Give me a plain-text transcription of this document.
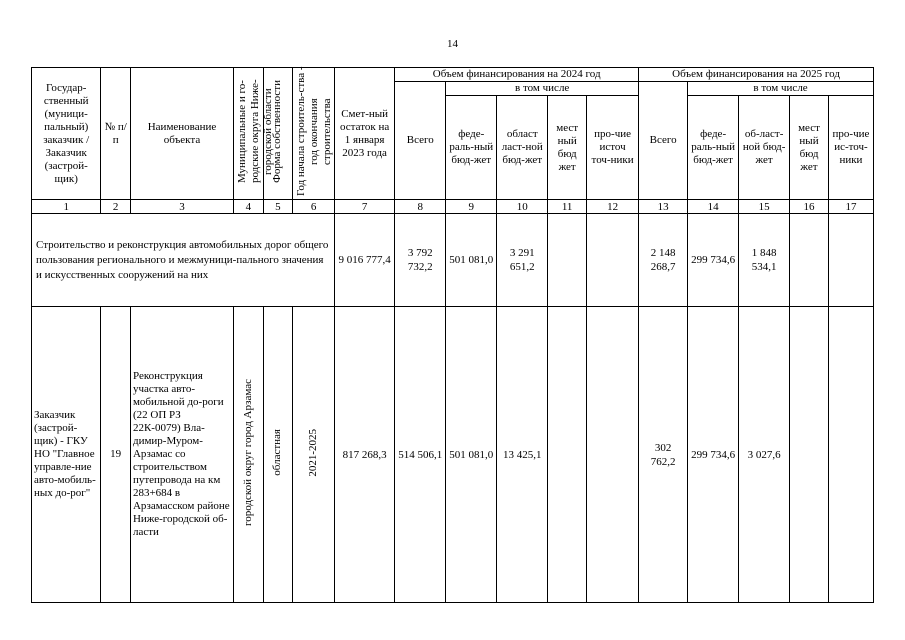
14
Государ-ственный (муници-пальный) заказчик / Заказчик (застрой-щик)	№ п/ п	Наименование объекта	Муниципальные и го-родские округа Ниже-городской области	Форма собственности	Год начала строитель-ства - год окончания строительства	Смет-ный остаток на 1 января 2023 года	Объем финансирования на 2024 год					Объем финансирования на 2025 год				
							Всего	в том числе				Всего	в том числе			
								феде-раль-ный бюд-жет	област ласт-ной бюд-жет	мест ный бюд жет	про-чие источ точ-ники		феде-раль-ный бюд-жет	об-ласт-ной бюд-жет	мест ный бюд жет	про-чие ис-точ-ники
1	2	3	4	5	6	7	8	9	10	11	12	13	14	15	16	17
Строительство и реконструкция автомобильных дорог общего пользования регионального и межмуници-пального значения и искусственных сооружений на них						9 016 777,4	3 792 732,2	501 081,0	3 291 651,2			2 148 268,7	299 734,6	1 848 534,1		
Заказчик (застрой-щик) - ГКУ НО "Главное управле-ние авто-мобиль-ных до-рог"	19	Реконструкция участка авто-мобильной до-роги (22 ОП РЗ 22К-0079) Вла-димир-Муром-Арзамас со строительством путепровода на км 283+684 в Арзамасском районе Ниже-городской об-ласти	городской округ город Арзамас	областная	2021-2025	817 268,3	514 506,1	501 081,0	13 425,1			302 762,2	299 734,6	3 027,6		
